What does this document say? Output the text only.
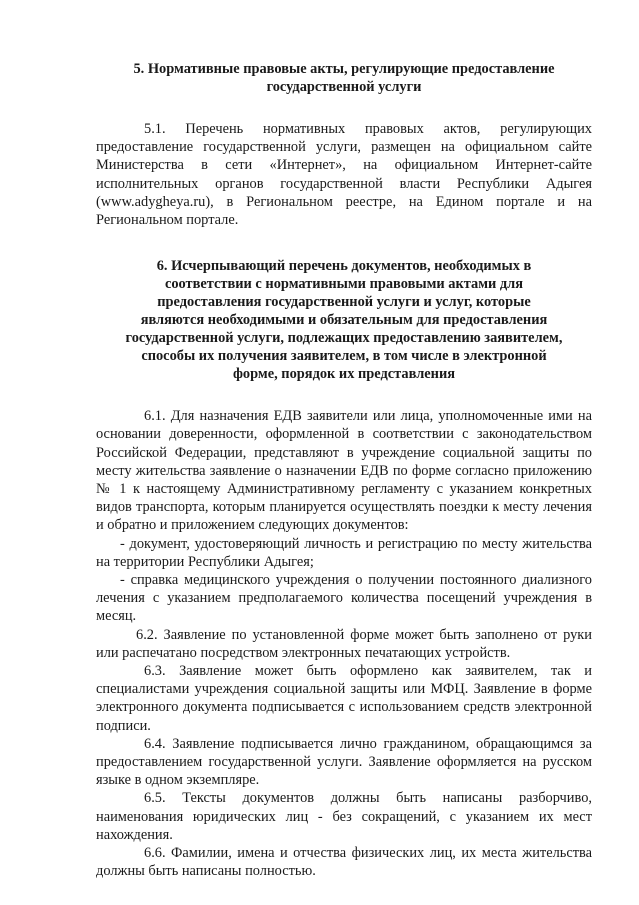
5. Нормативные правовые акты, регулирующие предоставление
государственной услуги

5.1. Перечень нормативных правовых актов, регулирующих предоставление государственной услуги, размещен на официальном сайте Министерства в сети «Интернет», на официальном Интернет-сайте исполнительных органов государственной власти Республики Адыгея (www.adygheya.ru), в Региональном реестре, на Едином портале и на Региональном портале.

6. Исчерпывающий перечень документов, необходимых в соответствии с нормативными правовыми актами для предоставления государственной услуги и услуг, которые являются необходимыми и обязательным для предоставления государственной услуги, подлежащих предоставлению заявителем, способы их получения заявителем, в том числе в электронной форме, порядок их представления

6.1. Для назначения ЕДВ заявители или лица, уполномоченные ими на основании доверенности, оформленной в соответствии с законодательством Российской Федерации, представляют в учреждение социальной защиты по месту жительства заявление о назначении ЕДВ по форме согласно приложению № 1 к настоящему Административному регламенту с указанием конкретных видов транспорта, которым планируется осуществлять поездки к месту лечения и обратно и приложением следующих документов:

- документ, удостоверяющий личность и регистрацию по месту жительства на территории Республики Адыгея;

- справка медицинского учреждения о получении постоянного диализного лечения с указанием предполагаемого количества посещений учреждения в месяц.

6.2. Заявление по установленной форме может быть заполнено от руки или распечатано посредством электронных печатающих устройств.

6.3. Заявление может быть оформлено как заявителем, так и специалистами учреждения социальной защиты или МФЦ. Заявление в форме электронного документа подписывается с использованием средств электронной подписи.

6.4. Заявление подписывается лично гражданином, обращающимся за предоставлением государственной услуги. Заявление оформляется на русском языке в одном экземпляре.

6.5. Тексты документов должны быть написаны разборчиво, наименования юридических лиц - без сокращений, с указанием их мест нахождения.

6.6. Фамилии, имена и отчества физических лиц, их места жительства должны быть написаны полностью.
